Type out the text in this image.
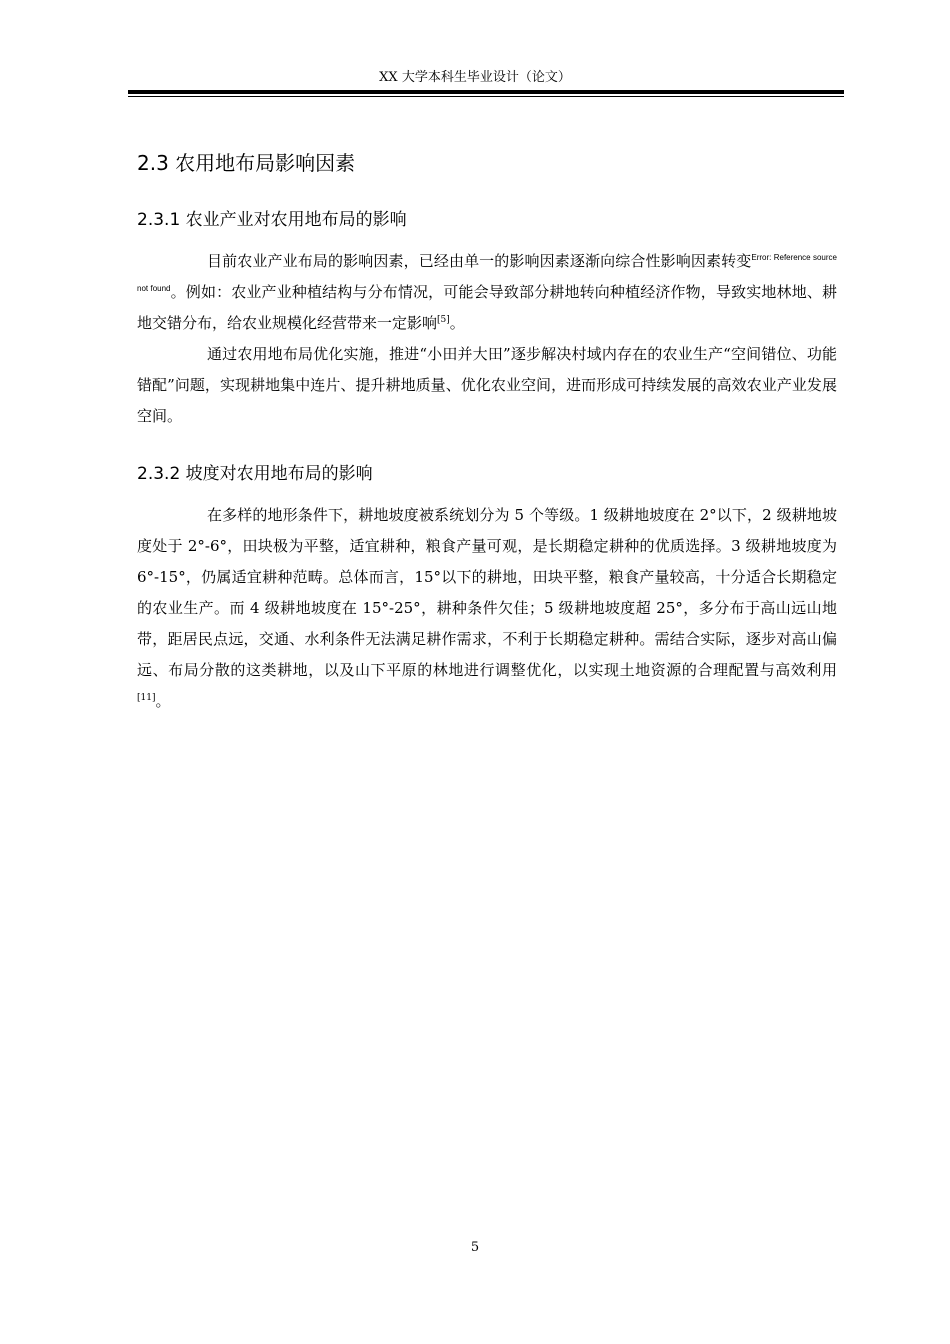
XX 大学本科生毕业设计（论文）
2.3 农用地布局影响因素
2.3.1 农业产业对农用地布局的影响

目前农业产业布局的影响因素，已经由单一的影响因素逐渐向综合性影响因素转变$^{Error: Reference source not found}$。例如：农业产业种植结构与分布情况，可能会导致部分耕地转向种植经济作物，导致实地林地、耕地交错分布，给农业规模化经营带来一定影响[5]。

通过农用地布局优化实施，推进“小田并大田”逐步解决村域内存在的农业生产“空间错位、功能错配”问题，实现耕地集中连片、提升耕地质量、优化农业空间，进而形成可持续发展的高效农业产业发展空间。

2.3.2 坡度对农用地布局的影响

在多样的地形条件下，耕地坡度被系统划分为 5 个等级。1 级耕地坡度在 2°以下，2 级耕地坡度处于 2°-6°，田块极为平整，适宜耕种，粮食产量可观，是长期稳定耕种的优质选择。3 级耕地坡度为 6°-15°，仍属适宜耕种范畴。总体而言，15°以下的耕地，田块平整，粮食产量较高，十分适合长期稳定的农业生产。而 4 级耕地坡度在 15°-25°，耕种条件欠佳；5 级耕地坡度超 25°，多分布于高山远山地带，距居民点远，交通、水利条件无法满足耕作需求，不利于长期稳定耕种。需结合实际，逐步对高山偏远、布局分散的这类耕地，以及山下平原的林地进行调整优化，以实现土地资源的合理配置与高效利用[11]。

5
